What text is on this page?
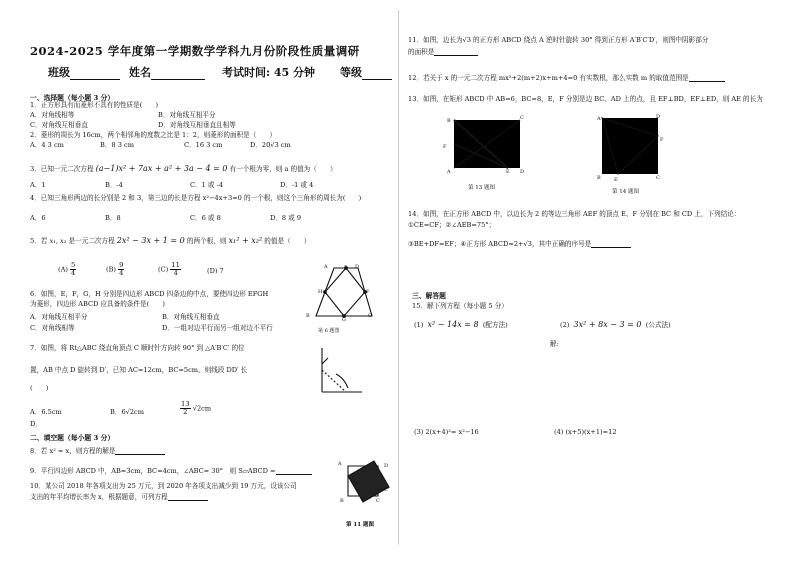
2024-2025 学年度第一学期数学学科九月份阶段性质量调研
班级	姓名	考试时间: 45 分钟 等级
一、选择题（每小题 3 分）
1．正方形具有而菱形不具有的性质是(　　)
A．对角线相等	B．对角线互相平分
C．对角线互相垂直	D．对角线互相垂直且相等
2．菱形的周长为 16cm，两个相邻角的度数之比是 1：2，则菱形的面积是（　　）
A．4 3 cm	B．8 3 cm	C．16 3 cm	D．20√3 cm
3．已知一元二次方程 (a−1)x² + 7ax + a² + 3a − 4 = 0 有一个根为零，则 a 的值为（　　）
A．1	B．-4	C．1 或 -4	D．-1 或 4
4．已知三角形两边的长分别是 2 和 3，第三边的长是方程 x²−4x+3=0 的一个根，则这个三角形的周长为(　　)
A．6	B．8	C．6 或 8	D．8 或 9
5．若 x₁, x₂ 是一元二次方程 2x² − 3x + 1 = 0 的两个根，则 x₁² + x₂² 的值是（　　）
$(A) \frac{5}{4}$	$(B) \frac{9}{4}$	$(C) \frac{11}{4}$	(D) 7	A
B	C
D
E
F
G
H
第 6 题图
6．如图，E，F，G，H 分别是四边形 ABCD 四条边的中点，要使四边形 EFGH
为菱形，四边形 ABCD 应具备的条件是(　　)
A．对角线互相平分	B．对角线互相垂直
C．对角线相等	D．一组对边平行而另一组对边不平行
7．如图，将 Rt△ABC 绕直角顶点 C 顺时针方向转 90° 到 △A′B′C′ 的位
置，AB 中点 D 旋转到 D′，已知 AC=12cm，BC=5cm，则线段 DD′ 长
(　　)
A．6.5cm	B．6√2cm	$\frac{13}{2} √2cm$
D．
二、填空题（每小题 3 分）
8．若 x² = x，则方程的解是
9．平行四边形 ABCD 中，AB=3cm，BC=4cm，∠ABC= 30°　则 S▱ABCD =
10．某公司 2018 年各项支出为 25 万元，到 2020 年各项支出减少到 19 万元，设该公司
支出的年平均增长率为 x，根据题意，可列方程
A	D
C
B
C'
第 11 题图
11．如图，边长为√3 的正方形 ABCD 绕点 A 逆时针旋转 30° 得到正方形 A′B′C′D′，则图中阴影部分
的面积是
12．若关于 x 的一元二次方程 mx²+2(m+2)x+m+4=0 有实数根，那么实数 m 的取值范围是
13．如图，在矩形 ABCD 中 AB=6，BC=8，E，F 分别是边 BC、AD 上的点，且 EF⊥BD，EF⊥ED，则 AE 的长为
B
F
C
A	D
E
第 13 题图
A	D
F
B	E	C
第 14 题图
14．如图，在正方形 ABCD 中，以边长为 2 的等边三角形 AEF 的顶点 E、F 分别在 BC 和 CD 上，下列结论：
①CE=CF；②∠AEB=75°；
③BE+DF=EF；④正方形 ABCD=2+√3，其中正确的序号是
三、解答题
15．解下列方程（每小题 5 分）
(1) x² − 14x = 8 (配方法)	(2) 3x² + 8x − 3 = 0 (公式法)
解:
(3) 2(x+4)²= x²−16	(4) (x+5)(x+1)=12
